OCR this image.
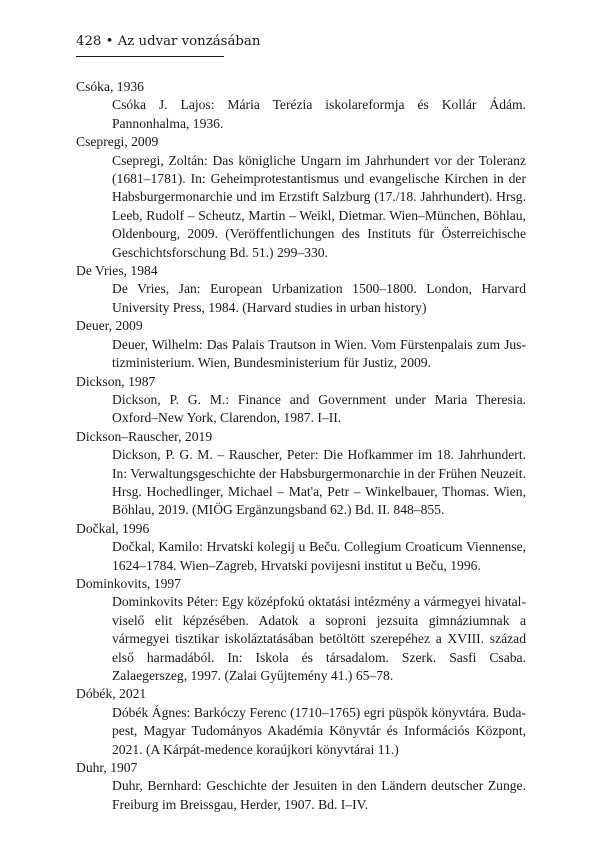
428 • Az udvar vonzásában
Csóka, 1936
Csóka J. Lajos: Mária Terézia iskolareformja és Kollár Ádám. Pannonhalma, 1936.
Csepregi, 2009
Csepregi, Zoltán: Das königliche Ungarn im Jahrhundert vor der Toleranz (1681–1781). In: Geheimprotestantismus und evangelische Kirchen in der Habsburgermonarchie und im Erzstift Salzburg (17./18. Jahrhundert). Hrsg. Leeb, Rudolf – Scheutz, Martin – Weikl, Dietmar. Wien–München, Böhlau, Oldenbourg, 2009. (Veröffentlichungen des Instituts für Österreichische Geschichtsforschung Bd. 51.) 299–330.
De Vries, 1984
De Vries, Jan: European Urbanization 1500–1800. London, Harvard University Press, 1984. (Harvard studies in urban history)
Deuer, 2009
Deuer, Wilhelm: Das Palais Trautson in Wien. Vom Fürstenpalais zum Justizministerium. Wien, Bundesministerium für Justiz, 2009.
Dickson, 1987
Dickson, P. G. M.: Finance and Government under Maria Theresia. Oxford–New York, Clarendon, 1987. I–II.
Dickson–Rauscher, 2019
Dickson, P. G. M. – Rauscher, Peter: Die Hofkammer im 18. Jahrhundert. In: Verwaltungsgeschichte der Habsburgermonarchie in der Frühen Neuzeit. Hrsg. Hochedlinger, Michael – Mat'a, Petr – Winkelbauer, Thomas. Wien, Böhlau, 2019. (MIÖG Ergänzungsband 62.) Bd. II. 848–855.
Dočkal, 1996
Dočkal, Kamilo: Hrvatski kolegij u Beču. Collegium Croaticum Viennense, 1624–1784. Wien–Zagreb, Hrvatski povijesni institut u Beču, 1996.
Dominkovits, 1997
Dominkovits Péter: Egy középfokú oktatási intézmény a vármegyei hivatalviselő elit képzésében. Adatok a soproni jezsuita gimnáziumnak a vármegyei tisztikar iskoláztatásában betöltött szerepéhez a XVIII. század első harmadából. In: Iskola és társadalom. Szerk. Sasfi Csaba. Zalaegerszeg, 1997. (Zalai Gyűjtemény 41.) 65–78.
Dóbék, 2021
Dóbék Ágnes: Barkóczy Ferenc (1710–1765) egri püspök könyvtára. Budapest, Magyar Tudományos Akadémia Könyvtár és Információs Központ, 2021. (A Kárpát-medence koraújkori könyvtárai 11.)
Duhr, 1907
Duhr, Bernhard: Geschichte der Jesuiten in den Ländern deutscher Zunge. Freiburg im Breissgau, Herder, 1907. Bd. I–IV.
